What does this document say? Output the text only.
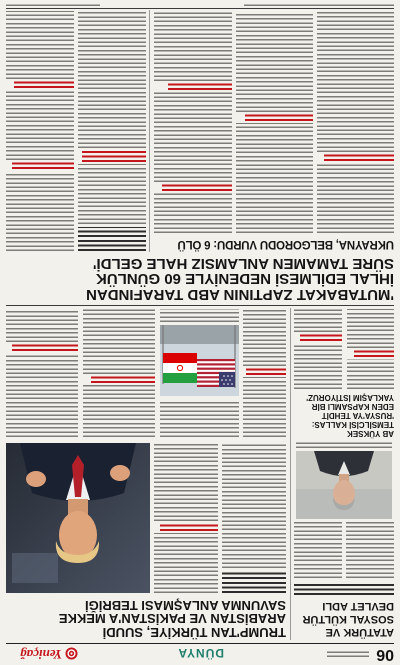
06
DÜNYA
Yeniçağ
ATATÜRK VE
SOSYAL KÜLTÜR
DEVLET ADLI
AB YÜKSEK
TEMSİLCİSİ KALLAS:
'RUSYA'YA TEHDİT
EDEN KAPSAMLI BİR
YAKLAŞIM İSTİYORUZ'
TRUMP'TAN TÜRKİYE, SUUDİ
ARABİSTAN VE PAKİSTAN'A MEKKE
SAVUNMA ANLAŞMASI TEBRİĞİ
'MUTABAKAT ZAPTININ ABD TARAFINDAN
İHLAL EDİLMESİ NEDENİYLE 60 GÜNLÜK
SÜRE TAMAMEN ANLAMSIZ HALE GELDİ'
UKRAYNA, BELGORODU VURDU: 6 ÖLÜ
